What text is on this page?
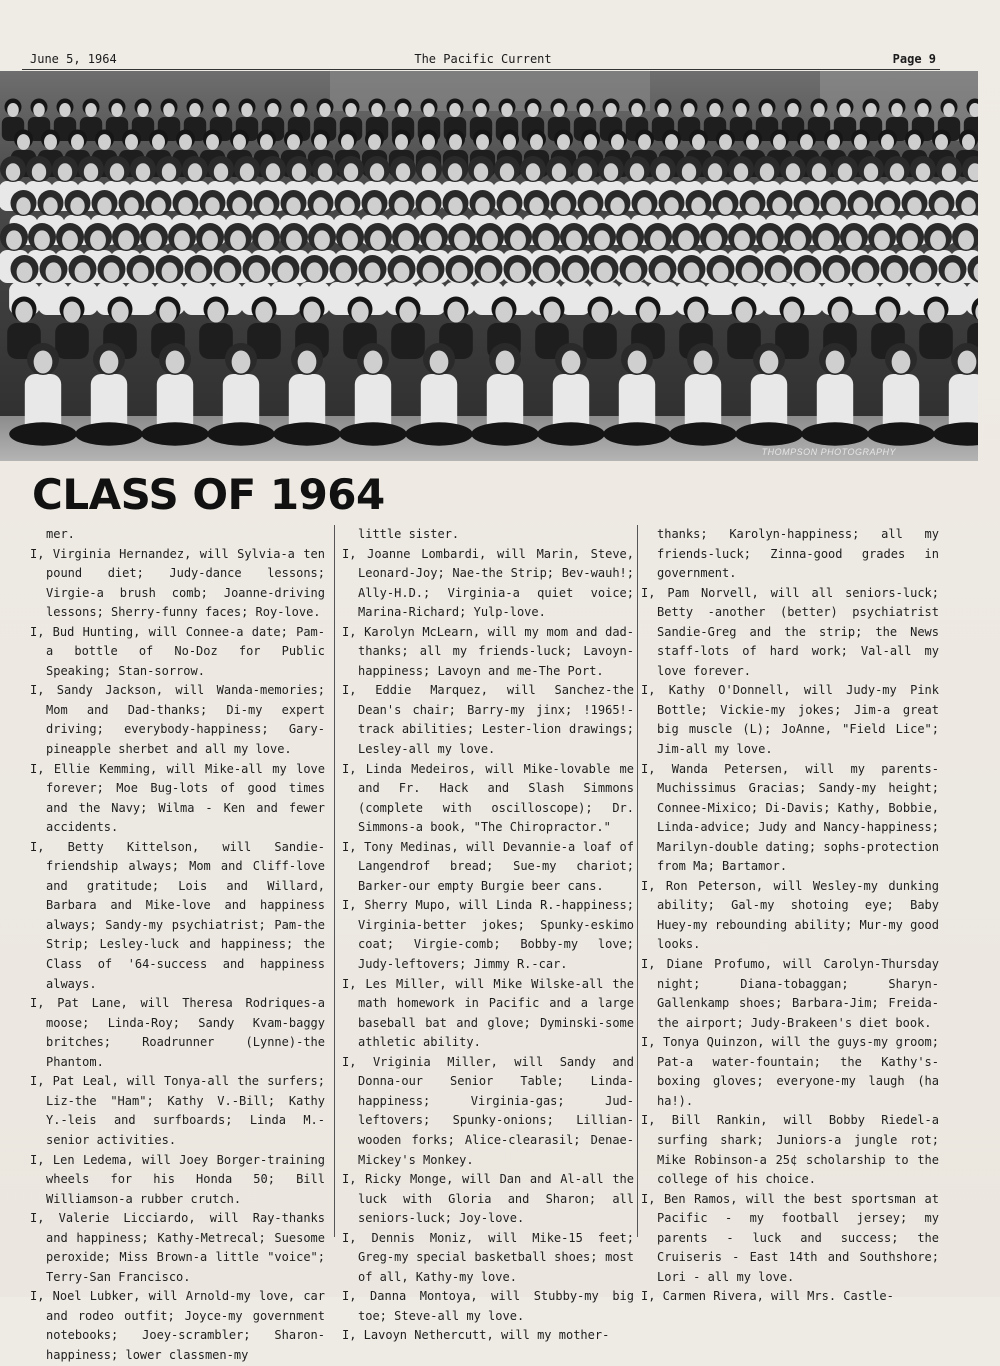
June 5, 1964	The Pacific Current	Page 9
THOMPSON PHOTOGRAPHY
CLASS OF 1964

mer.

I, Virginia Hernandez, will Sylvia-a ten pound diet; Judy-dance lessons; Virgie-a brush comb; Joanne-driving lessons; Sherry-funny faces; Roy-love.

I, Bud Hunting, will Connee-a date; Pam-a bottle of No-Doz for Public Speaking; Stan-sorrow.

I, Sandy Jackson, will Wanda-memories; Mom and Dad-thanks; Di-my expert driving; everybody-happiness; Gary-pineapple sherbet and all my love.

I, Ellie Kemming, will Mike-all my love forever; Moe Bug-lots of good times and the Navy; Wilma - Ken and fewer accidents.

I, Betty Kittelson, will Sandie-friendship always; Mom and Cliff-love and gratitude; Lois and Willard, Barbara and Mike-love and happiness always; Sandy-my psychiatrist; Pam-the Strip; Lesley-luck and happiness; the Class of '64-success and happiness always.

I, Pat Lane, will Theresa Rodriques-a moose; Linda-Roy; Sandy Kvam-baggy britches; Roadrunner (Lynne)-the Phantom.

I, Pat Leal, will Tonya-all the surfers; Liz-the "Ham"; Kathy V.-Bill; Kathy Y.-leis and surfboards; Linda M.-senior activities.

I, Len Ledema, will Joey Borger-training wheels for his Honda 50; Bill Williamson-a rubber crutch.

I, Valerie Licciardo, will Ray-thanks and happiness; Kathy-Metrecal; Suesome peroxide; Miss Brown-a little "voice"; Terry-San Francisco.

I, Noel Lubker, will Arnold-my love, car and rodeo outfit; Joyce-my government notebooks; Joey-scrambler; Sharon-happiness; lower classmen-my

little sister.

I, Joanne Lombardi, will Marin, Steve, Leonard-Joy; Nae-the Strip; Bev-wauh!; Ally-H.D.; Virginia-a quiet voice; Marina-Richard; Yulp-love.

I, Karolyn McLearn, will my mom and dad-thanks; all my friends-luck; Lavoyn-happiness; Lavoyn and me-The Port.

I, Eddie Marquez, will Sanchez-the Dean's chair; Barry-my jinx; !1965!-track abilities; Lester-lion drawings; Lesley-all my love.

I, Linda Medeiros, will Mike-lovable me and Fr. Hack and Slash Simmons (complete with oscilloscope); Dr. Simmons-a book, "The Chiropractor."

I, Tony Medinas, will Devannie-a loaf of Langendrof bread; Sue-my chariot; Barker-our empty Burgie beer cans.

I, Sherry Mupo, will Linda R.-happiness; Virginia-better jokes; Spunky-eskimo coat; Virgie-comb; Bobby-my love; Judy-leftovers; Jimmy R.-car.

I, Les Miller, will Mike Wilske-all the math homework in Pacific and a large baseball bat and glove; Dyminski-some athletic ability.

I, Vriginia Miller, will Sandy and Donna-our Senior Table; Linda-happiness; Virginia-gas; Jud-leftovers; Spunky-onions; Lillian-wooden forks; Alice-clearasil; Denae-Mickey's Monkey.

I, Ricky Monge, will Dan and Al-all the luck with Gloria and Sharon; all seniors-luck; Joy-love.

I, Dennis Moniz, will Mike-15 feet; Greg-my special basketball shoes; most of all, Kathy-my love.

I, Danna Montoya, will Stubby-my big toe; Steve-all my love.

I, Lavoyn Nethercutt, will my mother-

thanks; Karolyn-happiness; all my friends-luck; Zinna-good grades in government.

I, Pam Norvell, will all seniors-luck; Betty -another (better) psychiatrist Sandie-Greg and the strip; the News staff-lots of hard work; Val-all my love forever.

I, Kathy O'Donnell, will Judy-my Pink Bottle; Vickie-my jokes; Jim-a great big muscle (L); JoAnne, "Field Lice"; Jim-all my love.

I, Wanda Petersen, will my parents-Muchissimus Gracias; Sandy-my height; Connee-Mixico; Di-Davis; Kathy, Bobbie, Linda-advice; Judy and Nancy-happiness; Marilyn-double dating; sophs-protection from Ma; Bartamor.

I, Ron Peterson, will Wesley-my dunking ability; Gal-my shotoing eye; Baby Huey-my rebounding ability; Mur-my good looks.

I, Diane Profumo, will Carolyn-Thursday night; Diana-tobaggan; Sharyn-Gallenkamp shoes; Barbara-Jim; Freida-the airport; Judy-Brakeen's diet book.

I, Tonya Quinzon, will the guys-my groom; Pat-a water-fountain; the Kathy's-boxing gloves; everyone-my laugh (ha ha!).

I, Bill Rankin, will Bobby Riedel-a surfing shark; Juniors-a jungle rot; Mike Robinson-a 25¢ scholarship to the college of his choice.

I, Ben Ramos, will the best sportsman at Pacific - my football jersey; my parents - luck and success; the Cruiseris - East 14th and Southshore; Lori - all my love.

I, Carmen Rivera, will Mrs. Castle-
